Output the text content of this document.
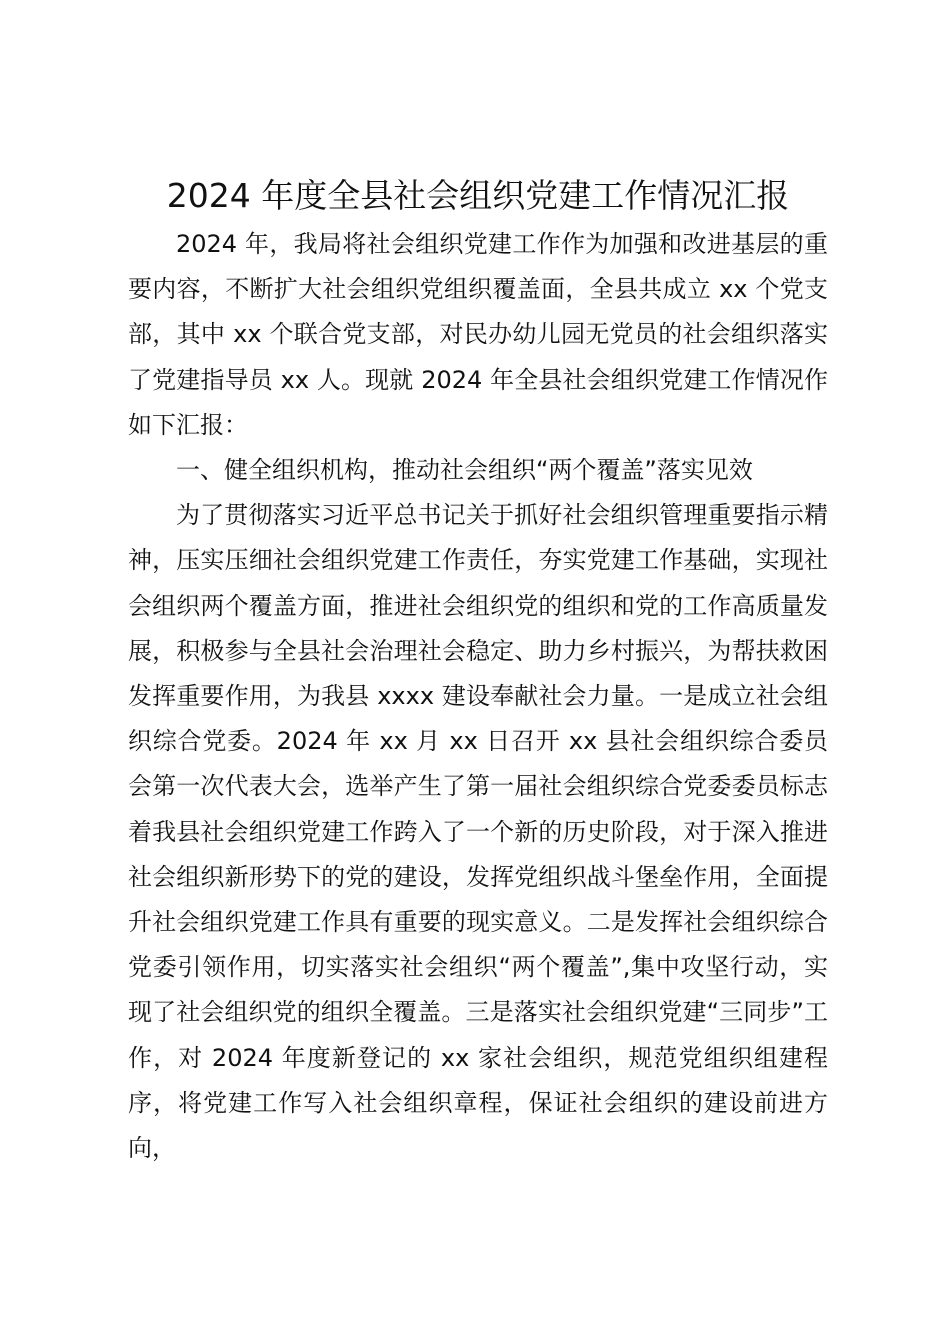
2024 年度全县社会组织党建工作情况汇报

2024 年，我局将社会组织党建工作作为加强和改进基层的重要内容，不断扩大社会组织党组织覆盖面，全县共成立 xx 个党支部，其中 xx 个联合党支部，对民办幼儿园无党员的社会组织落实了党建指导员 xx 人。现就 2024 年全县社会组织党建工作情况作如下汇报：

一、健全组织机构，推动社会组织“两个覆盖”落实见效

为了贯彻落实习近平总书记关于抓好社会组织管理重要指示精神，压实压细社会组织党建工作责任，夯实党建工作基础，实现社会组织两个覆盖方面，推进社会组织党的组织和党的工作高质量发展，积极参与全县社会治理社会稳定、助力乡村振兴，为帮扶救困发挥重要作用，为我县 xxxx 建设奉献社会力量。一是成立社会组织综合党委。2024 年 xx 月 xx 日召开 xx 县社会组织综合委员会第一次代表大会，选举产生了第一届社会组织综合党委委员标志着我县社会组织党建工作跨入了一个新的历史阶段，对于深入推进社会组织新形势下的党的建设，发挥党组织战斗堡垒作用，全面提升社会组织党建工作具有重要的现实意义。二是发挥社会组织综合党委引领作用，切实落实社会组织“两个覆盖”,集中攻坚行动，实现了社会组织党的组织全覆盖。三是落实社会组织党建“三同步”工作，对 2024 年度新登记的 xx 家社会组织，规范党组织组建程序，将党建工作写入社会组织章程，保证社会组织的建设前进方向，
